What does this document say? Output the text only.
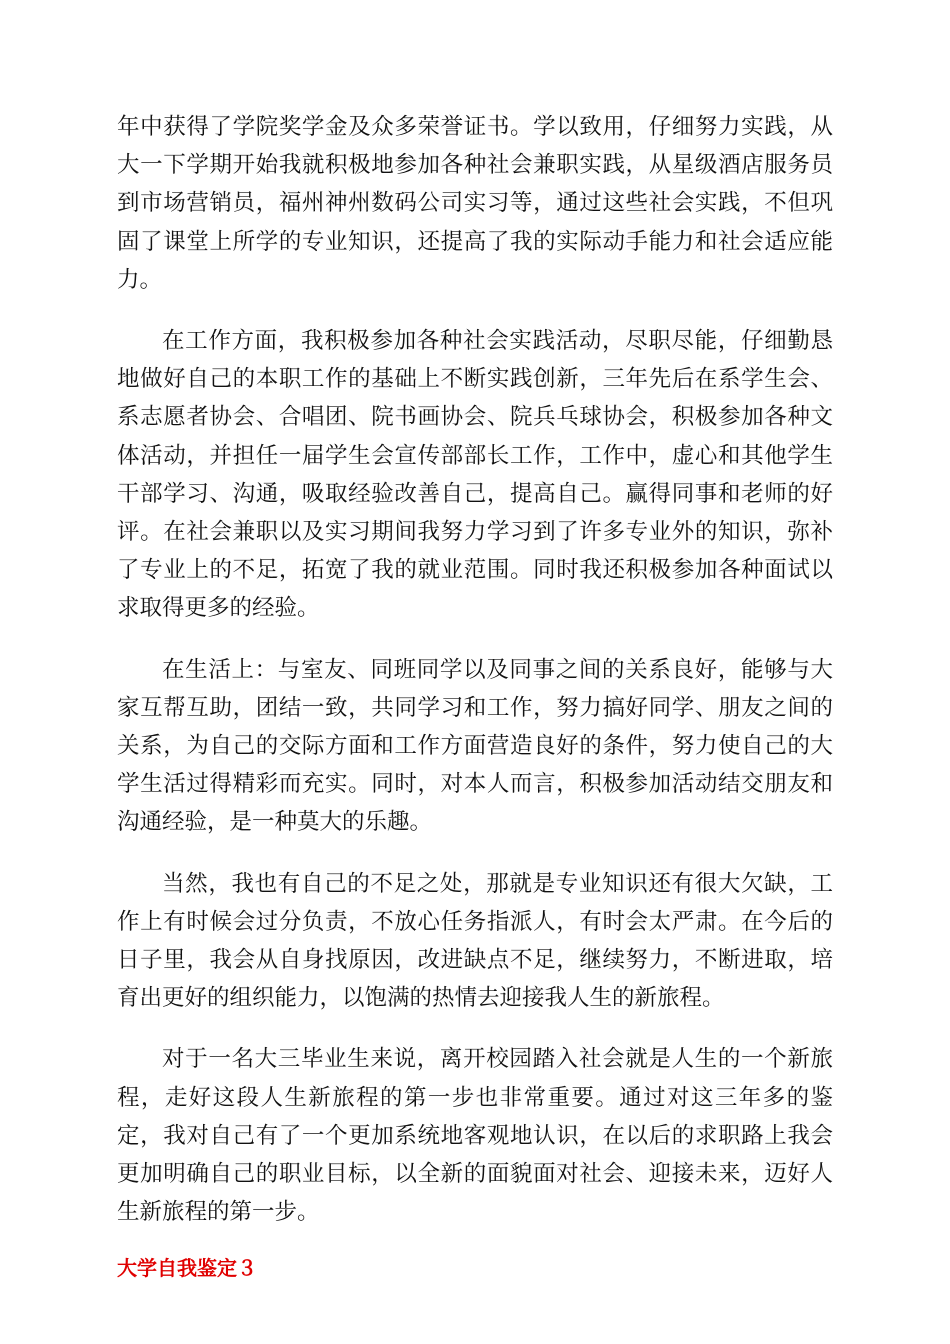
年中获得了学院奖学金及众多荣誉证书。学以致用，仔细努力实践，从大一下学期开始我就积极地参加各种社会兼职实践，从星级酒店服务员到市场营销员，福州神州数码公司实习等，通过这些社会实践，不但巩固了课堂上所学的专业知识，还提高了我的实际动手能力和社会适应能力。

在工作方面，我积极参加各种社会实践活动，尽职尽能，仔细勤恳地做好自己的本职工作的基础上不断实践创新，三年先后在系学生会、系志愿者协会、合唱团、院书画协会、院兵乓球协会，积极参加各种文体活动，并担任一届学生会宣传部部长工作，工作中，虚心和其他学生干部学习、沟通，吸取经验改善自己，提高自己。赢得同事和老师的好评。在社会兼职以及实习期间我努力学习到了许多专业外的知识，弥补了专业上的不足，拓宽了我的就业范围。同时我还积极参加各种面试以求取得更多的经验。

在生活上：与室友、同班同学以及同事之间的关系良好，能够与大家互帮互助，团结一致，共同学习和工作，努力搞好同学、朋友之间的关系，为自己的交际方面和工作方面营造良好的条件，努力使自己的大学生活过得精彩而充实。同时，对本人而言，积极参加活动结交朋友和沟通经验，是一种莫大的乐趣。

当然，我也有自己的不足之处，那就是专业知识还有很大欠缺，工作上有时候会过分负责，不放心任务指派人，有时会太严肃。在今后的日子里，我会从自身找原因，改进缺点不足，继续努力，不断进取，培育出更好的组织能力，以饱满的热情去迎接我人生的新旅程。

对于一名大三毕业生来说，离开校园踏入社会就是人生的一个新旅程，走好这段人生新旅程的第一步也非常重要。通过对这三年多的鉴定，我对自己有了一个更加系统地客观地认识，在以后的求职路上我会更加明确自己的职业目标，以全新的面貌面对社会、迎接未来，迈好人生新旅程的第一步。

大学自我鉴定３
